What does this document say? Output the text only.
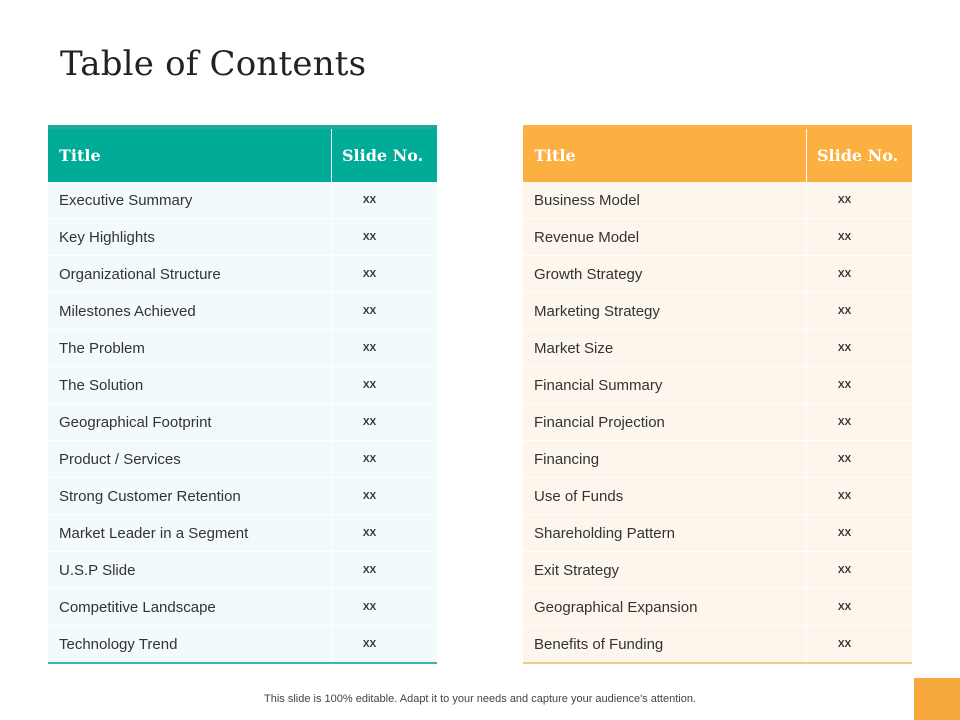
Table of Contents
Title	Slide No.
Executive Summary	XX
Key Highlights	XX
Organizational Structure	XX
Milestones Achieved	XX
The Problem	XX
The Solution	XX
Geographical Footprint	XX
Product / Services	XX
Strong Customer Retention	XX
Market Leader in a Segment	XX
U.S.P Slide	XX
Competitive Landscape	XX
Technology Trend	XX
Title	Slide No.
Business Model	XX
Revenue Model	XX
Growth Strategy	XX
Marketing Strategy	XX
Market Size	XX
Financial Summary	XX
Financial Projection	XX
Financing	XX
Use of Funds	XX
Shareholding Pattern	XX
Exit Strategy	XX
Geographical Expansion	XX
Benefits of Funding	XX
This slide is 100% editable. Adapt it to your needs and capture your audience's attention.
